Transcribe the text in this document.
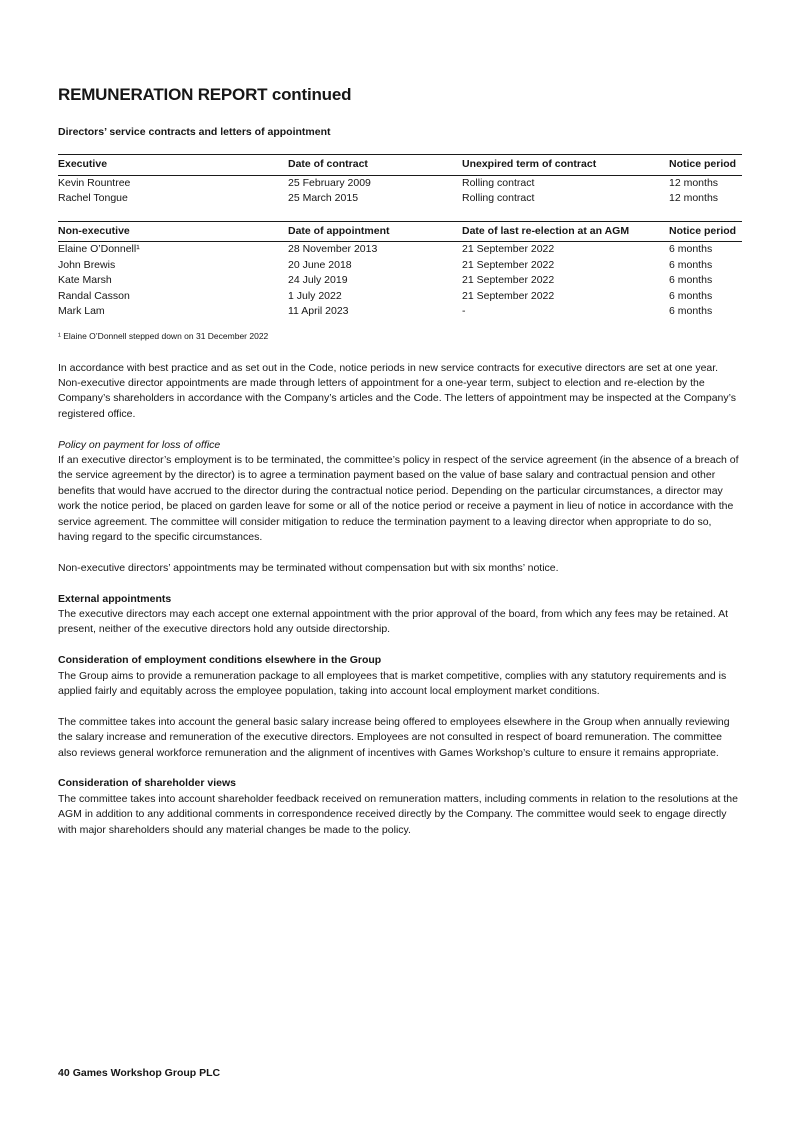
REMUNERATION REPORT continued
Directors’ service contracts and letters of appointment
Executive	Date of contract	Unexpired term of contract	Notice period
Kevin Rountree	25 February 2009	Rolling contract	12 months
Rachel Tongue	25 March 2015	Rolling contract	12 months
Non-executive	Date of appointment	Date of last re-election at an AGM	Notice period
Elaine O’Donnell¹	28 November 2013	21 September 2022	6 months
John Brewis	20 June 2018	21 September 2022	6 months
Kate Marsh	24 July 2019	21 September 2022	6 months
Randal Casson	1 July 2022	21 September 2022	6 months
Mark Lam	11 April 2023	-	6 months
¹ Elaine O’Donnell stepped down on 31 December 2022

In accordance with best practice and as set out in the Code, notice periods in new service contracts for executive directors are set at one year. Non-executive director appointments are made through letters of appointment for a one-year term, subject to election and re-election by the Company’s shareholders in accordance with the Company’s articles and the Code. The letters of appointment may be inspected at the Company’s registered office.

Policy on payment for loss of office

If an executive director’s employment is to be terminated, the committee’s policy in respect of the service agreement (in the absence of a breach of the service agreement by the director) is to agree a termination payment based on the value of base salary and contractual pension and other benefits that would have accrued to the director during the contractual notice period. Depending on the particular circumstances, a director may work the notice period, be placed on garden leave for some or all of the notice period or receive a payment in lieu of notice in accordance with the service agreement. The committee will consider mitigation to reduce the termination payment to a leaving director when appropriate to do so, having regard to the specific circumstances.

Non-executive directors’ appointments may be terminated without compensation but with six months’ notice.

External appointments

The executive directors may each accept one external appointment with the prior approval of the board, from which any fees may be retained. At present, neither of the executive directors hold any outside directorship.

Consideration of employment conditions elsewhere in the Group

The Group aims to provide a remuneration package to all employees that is market competitive, complies with any statutory requirements and is applied fairly and equitably across the employee population, taking into account local employment market conditions.

The committee takes into account the general basic salary increase being offered to employees elsewhere in the Group when annually reviewing the salary increase and remuneration of the executive directors. Employees are not consulted in respect of board remuneration. The committee also reviews general workforce remuneration and the alignment of incentives with Games Workshop’s culture to ensure it remains appropriate.

Consideration of shareholder views

The committee takes into account shareholder feedback received on remuneration matters, including comments in relation to the resolutions at the AGM in addition to any additional comments in correspondence received directly by the Company. The committee would seek to engage directly with major shareholders should any material changes be made to the policy.

40 Games Workshop Group PLC
